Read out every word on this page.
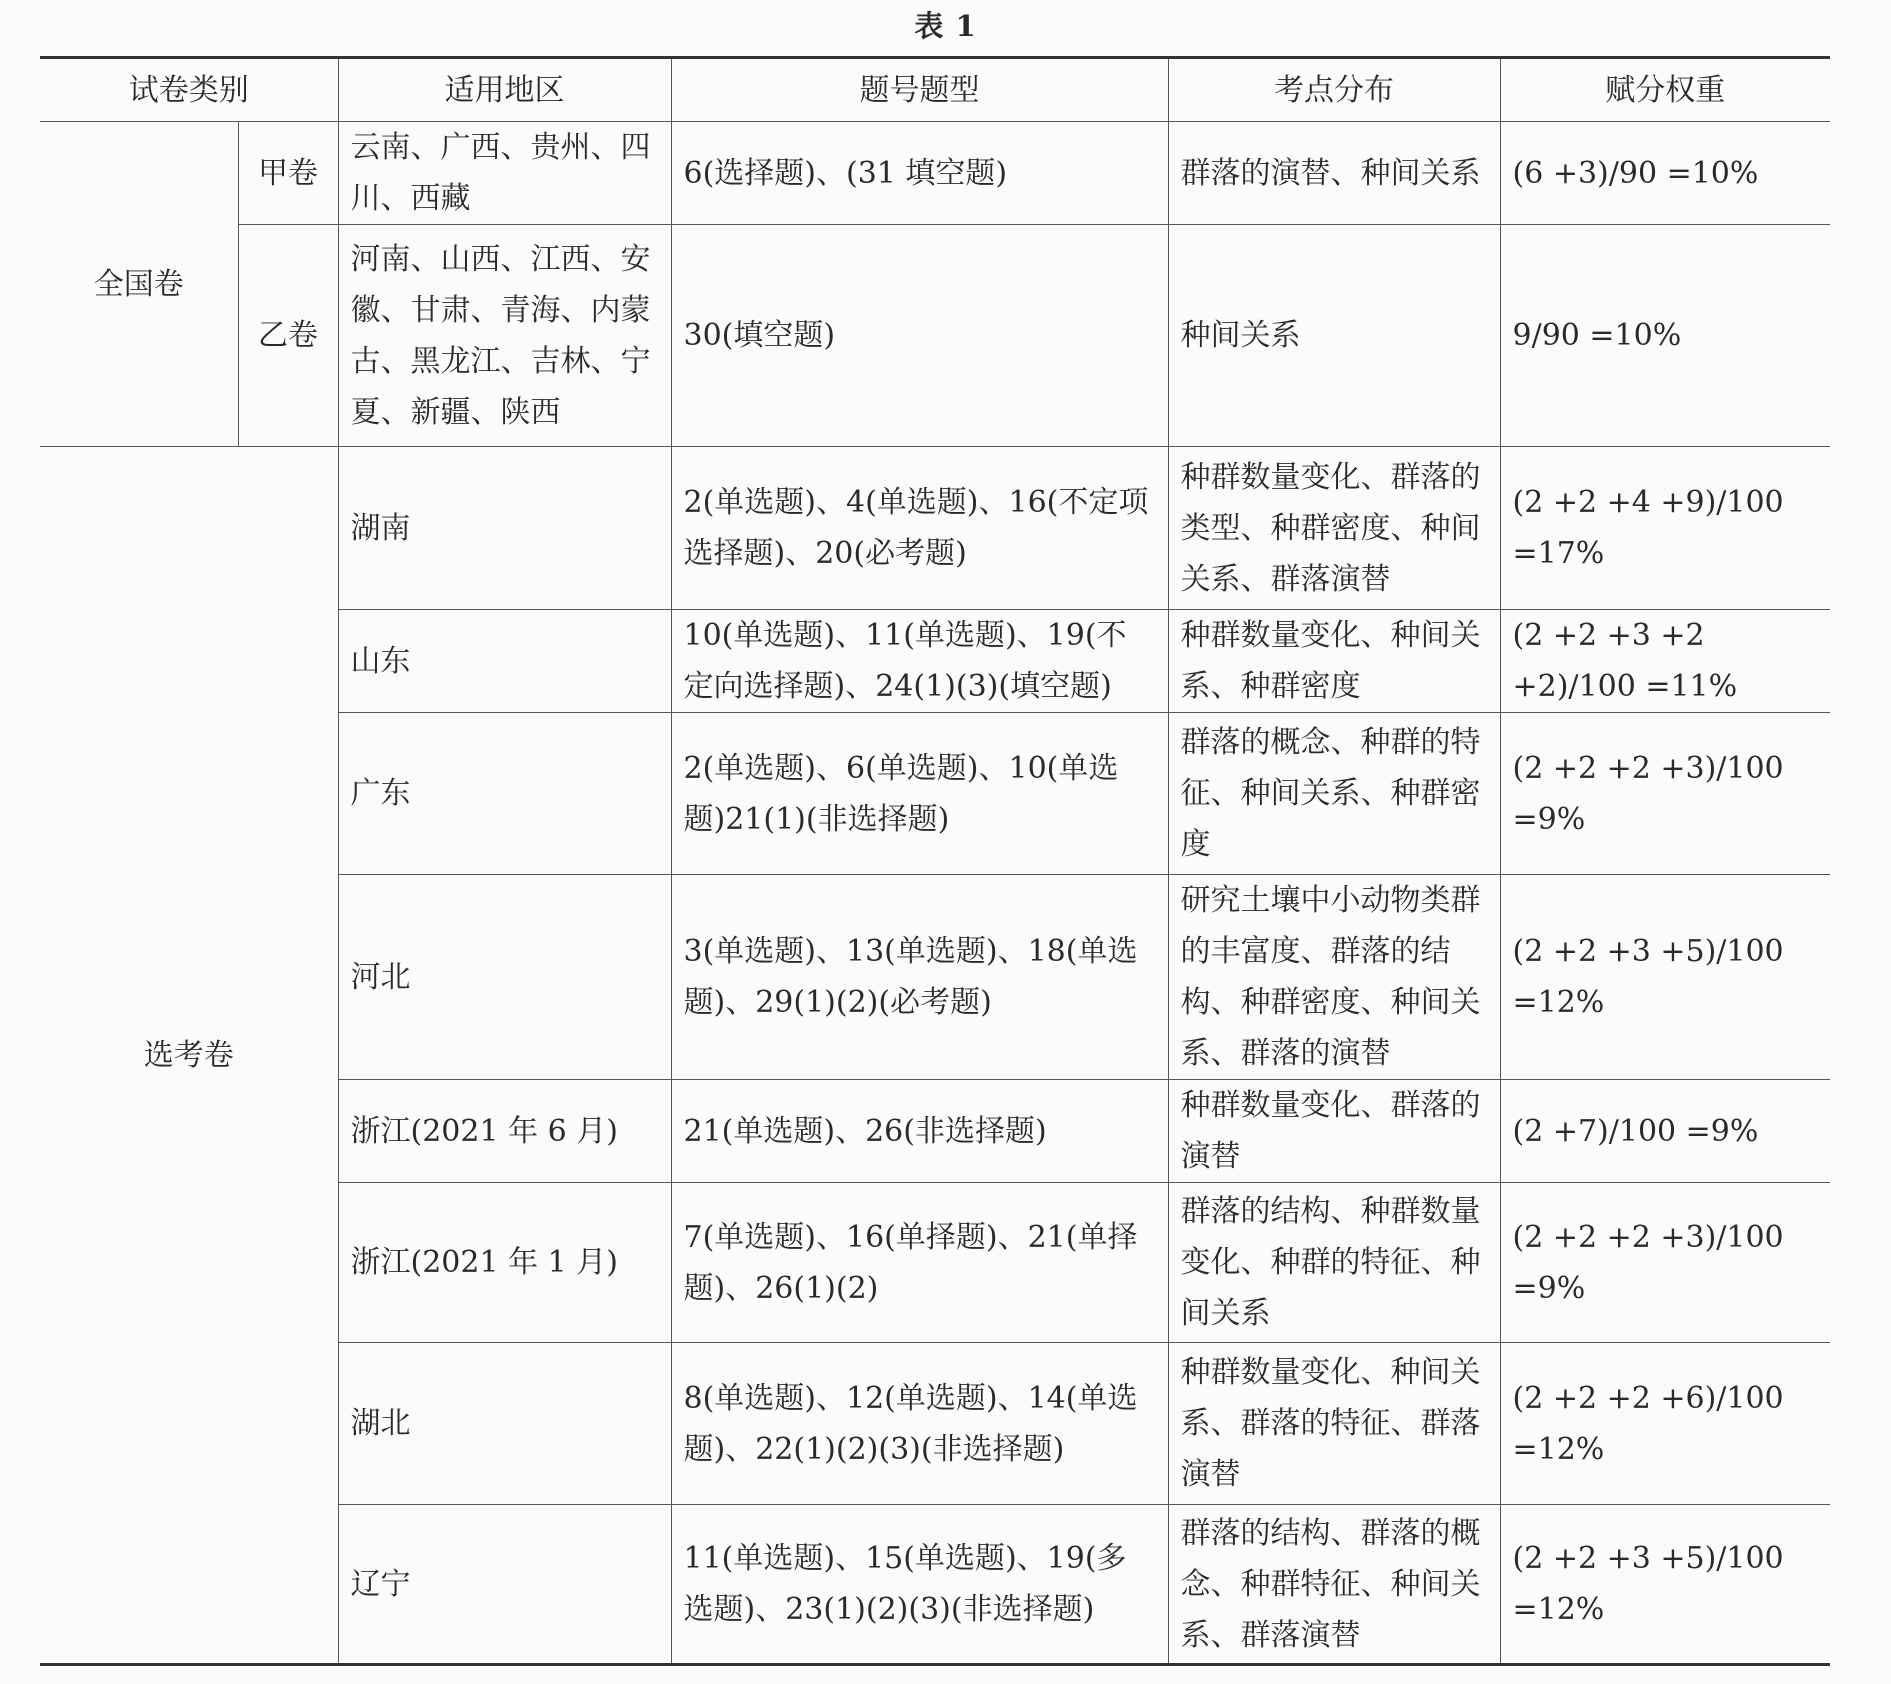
表 1
试卷类别		适用地区	题号题型	考点分布	赋分权重
全国卷	甲卷	云南、广西、贵州、四川、西藏	6(选择题)、(31 填空题)	群落的演替、种间关系	(6 +3)/90 =10%
	乙卷	河南、山西、江西、安徽、甘肃、青海、内蒙古、黑龙江、吉林、宁夏、新疆、陕西	30(填空题)	种间关系	9/90 =10%
选考卷		湖南	2(单选题)、4(单选题)、16(不定项选择题)、20(必考题)	种群数量变化、群落的类型、种群密度、种间关系、群落演替	(2 +2 +4 +9)/100 =17%
		山东	10(单选题)、11(单选题)、19(不定向选择题)、24(1)(3)(填空题)	种群数量变化、种间关系、种群密度	(2 +2 +3 +2 +2)/100 =11%
		广东	2(单选题)、6(单选题)、10(单选题)21(1)(非选择题)	群落的概念、种群的特征、种间关系、种群密度	(2 +2 +2 +3)/100 =9%
		河北	3(单选题)、13(单选题)、18(单选题)、29(1)(2)(必考题)	研究土壤中小动物类群的丰富度、群落的结构、种群密度、种间关系、群落的演替	(2 +2 +3 +5)/100 =12%
		浙江(2021 年 6 月)	21(单选题)、26(非选择题)	种群数量变化、群落的演替	(2 +7)/100 =9%
		浙江(2021 年 1 月)	7(单选题)、16(单择题)、21(单择题)、26(1)(2)	群落的结构、种群数量变化、种群的特征、种间关系	(2 +2 +2 +3)/100 =9%
		湖北	8(单选题)、12(单选题)、14(单选题)、22(1)(2)(3)(非选择题)	种群数量变化、种间关系、群落的特征、群落演替	(2 +2 +2 +6)/100 =12%
		辽宁	11(单选题)、15(单选题)、19(多选题)、23(1)(2)(3)(非选择题)	群落的结构、群落的概念、种群特征、种间关系、群落演替	(2 +2 +3 +5)/100 =12%
